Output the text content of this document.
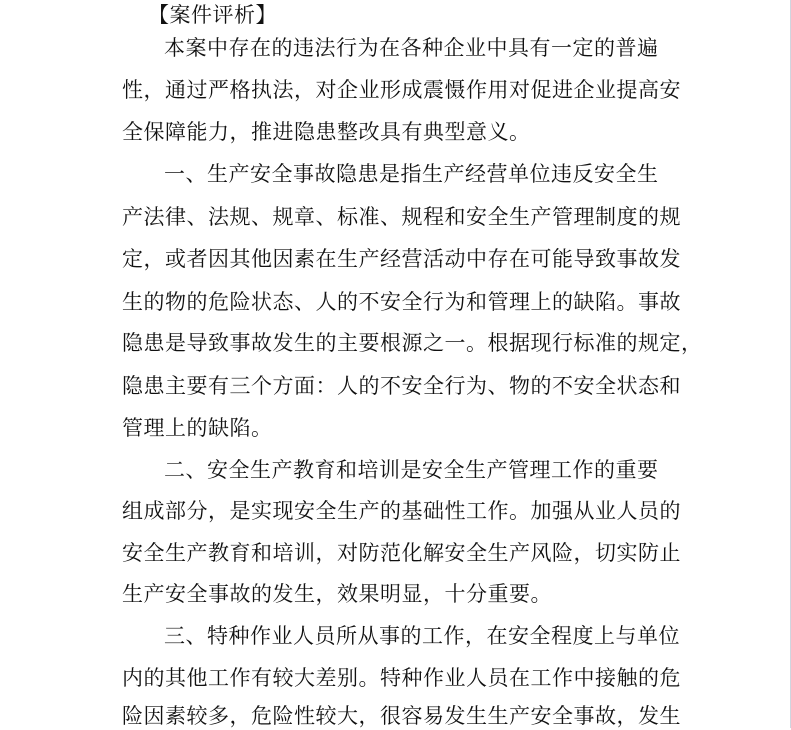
【案件评析】
本案中存在的违法行为在各种企业中具有一定的普遍
性，通过严格执法，对企业形成震慑作用对促进企业提高安
全保障能力，推进隐患整改具有典型意义。
一、生产安全事故隐患是指生产经营单位违反安全生
产法律、法规、规章、标准、规程和安全生产管理制度的规
定，或者因其他因素在生产经营活动中存在可能导致事故发
生的物的危险状态、人的不安全行为和管理上的缺陷。事故
隐患是导致事故发生的主要根源之一。根据现行标准的规定，
隐患主要有三个方面：人的不安全行为、物的不安全状态和
管理上的缺陷。
二、安全生产教育和培训是安全生产管理工作的重要
组成部分，是实现安全生产的基础性工作。加强从业人员的
安全生产教育和培训，对防范化解安全生产风险，切实防止
生产安全事故的发生，效果明显，十分重要。
三、特种作业人员所从事的工作，在安全程度上与单位
内的其他工作有较大差别。特种作业人员在工作中接触的危
险因素较多，危险性较大，很容易发生生产安全事故，发生
